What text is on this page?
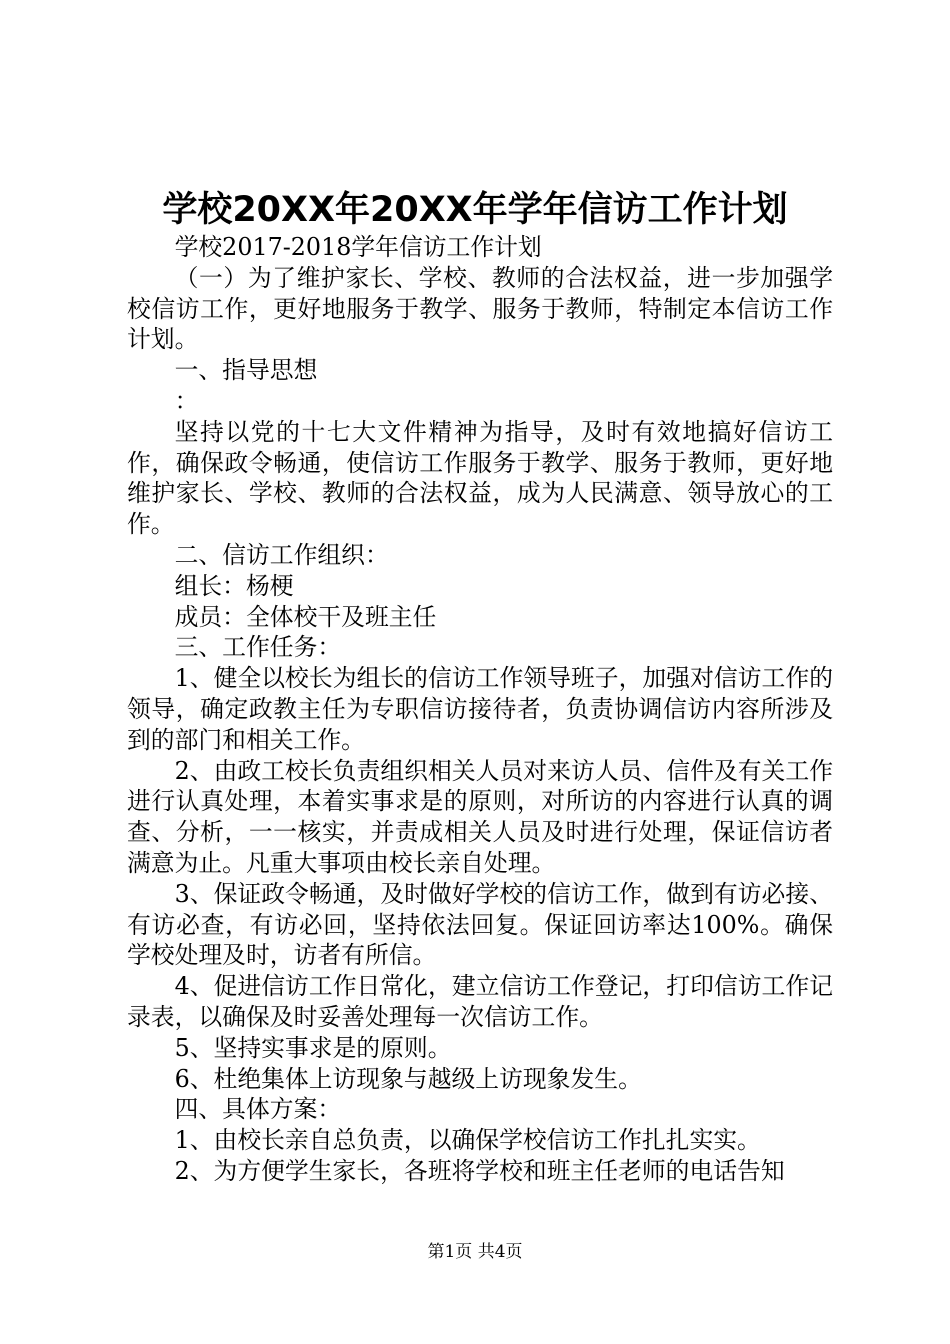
学校20XX年20XX年学年信访工作计划

学校2017-2018学年信访工作计划

（一）为了维护家长、学校、教师的合法权益，进一步加强学校信访工作，更好地服务于教学、服务于教师，特制定本信访工作计划。

一、指导思想

：

坚持以党的十七大文件精神为指导，及时有效地搞好信访工作，确保政令畅通，使信访工作服务于教学、服务于教师，更好地维护家长、学校、教师的合法权益，成为人民满意、领导放心的工作。

二、信访工作组织：

组长：杨梗

成员：全体校干及班主任

三、工作任务：

1、健全以校长为组长的信访工作领导班子，加强对信访工作的领导，确定政教主任为专职信访接待者，负责协调信访内容所涉及到的部门和相关工作。

2、由政工校长负责组织相关人员对来访人员、信件及有关工作进行认真处理，本着实事求是的原则，对所访的内容进行认真的调查、分析，一一核实，并责成相关人员及时进行处理，保证信访者满意为止。凡重大事项由校长亲自处理。

3、保证政令畅通，及时做好学校的信访工作，做到有访必接、有访必查，有访必回，坚持依法回复。保证回访率达100%。确保学校处理及时，访者有所信。

4、促进信访工作日常化，建立信访工作登记，打印信访工作记录表，以确保及时妥善处理每一次信访工作。

5、坚持实事求是的原则。

6、杜绝集体上访现象与越级上访现象发生。

四、具体方案：

1、由校长亲自总负责，以确保学校信访工作扎扎实实。

2、为方便学生家长，各班将学校和班主任老师的电话告知

第1页 共4页
